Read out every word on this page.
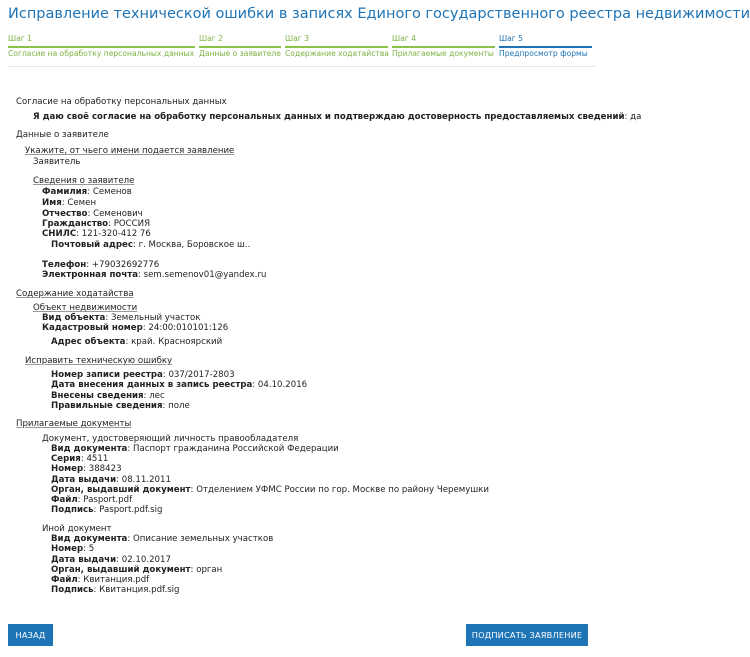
Исправление технической ошибки в записях Единого государственного реестра недвижимости
Шаг 1
Согласие на обработку персональных данных
Шаг 2
Данные о заявителе
Шаг 3
Содержание ходатайства
Шаг 4
Прилагаемые документы
Шаг 5
Предпросмотр формы
Согласие на обработку персональных данных
Я даю своё согласие на обработку персональных данных и подтверждаю достоверность предоставляемых сведений: да
Данные о заявителе
Укажите, от чьего имени подается заявление
Заявитель
Сведения о заявителе
Фамилия: Семенов
Имя: Семен
Отчество: Семенович
Гражданство: РОССИЯ
СНИЛС: 121-320-412 76
Почтовый адрес: г. Москва, Боровское ш..
Телефон: +79032692776
Электронная почта: sem.semenov01@yandex.ru
Содержание ходатайства
Объект недвижимости
Вид объекта: Земельный участок
Кадастровый номер: 24:00:010101:126
Адрес объекта: край. Красноярский
Исправить техническую ошибку
Номер записи реестра: 037/2017-2803
Дата внесения данных в запись реестра: 04.10.2016
Внесены сведения: лес
Правильные сведения: поле
Прилагаемые документы
Документ, удостоверяющий личность правообладателя
Вид документа: Паспорт гражданина Российской Федерации
Серия: 4511
Номер: 388423
Дата выдачи: 08.11.2011
Орган, выдавший документ: Отделением УФМС России по гор. Москве по району Черемушки
Файл: Pasport.pdf
Подпись: Pasport.pdf.sig
Иной документ
Вид документа: Описание земельных участков
Номер: 5
Дата выдачи: 02.10.2017
Орган, выдавший документ: орган
Файл: Квитанция.pdf
Подпись: Квитанция.pdf.sig
НАЗАД	ПОДПИСАТЬ ЗАЯВЛЕНИЕ
